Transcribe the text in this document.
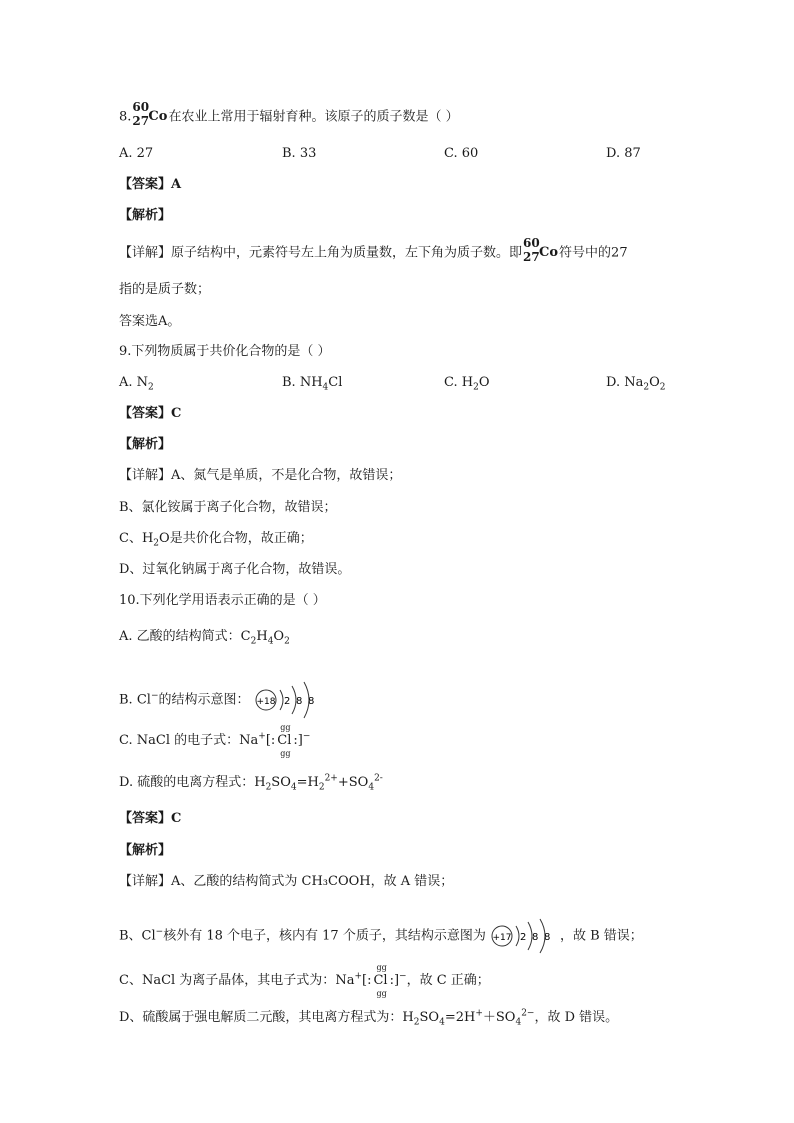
8.
60
27 Co在农业上常用于辐射育种。该原子的质子数是（ ）
A. 27	B. 33	C. 60	D. 87
【答案】A
【解析】
【详解】原子结构中，元素符号左上角为质量数，左下角为质子数。即
60
27 Co符号中的27
指的是质子数；
答案选A。
9.下列物质属于共价化合物的是（ ）
A. $N_2$	B. $NH_4Cl$	C. $H_2O$	D. $Na_2O_2$
【答案】C
【解析】
【详解】A、氮气是单质，不是化合物，故错误；
B、氯化铵属于离子化合物，故错误；
C、$H_2O$是共价化合物，故正确；
D、过氧化钠属于离子化合物，故错误。
10.下列化学用语表示正确的是（ ）
A. 乙酸的结构简式：$C_2H_4O_2$
B. Cl−的结构示意图： +18 2 8 8
C. NaCl 的电子式：Na+[:
gg
Cl
gg
:]−
D. 硫酸的电离方程式：$H_2SO_4=H_2^{2+}+SO_4^{2-}$
【答案】C
【解析】
【详解】A、乙酸的结构简式为 CH₃COOH，故 A 错误；
B、Cl−核外有 18 个电子，核内有 17 个质子，其结构示意图为 +17 2 8 8 ，故 B 错误；
C、NaCl 为离子晶体，其电子式为：Na+[:
gg
Cl
gg
:]−，故 C 正确；
D、硫酸属于强电解质二元酸，其电离方程式为：$H_2SO_4=2H^++SO_4^{2-}$，故 D 错误。
